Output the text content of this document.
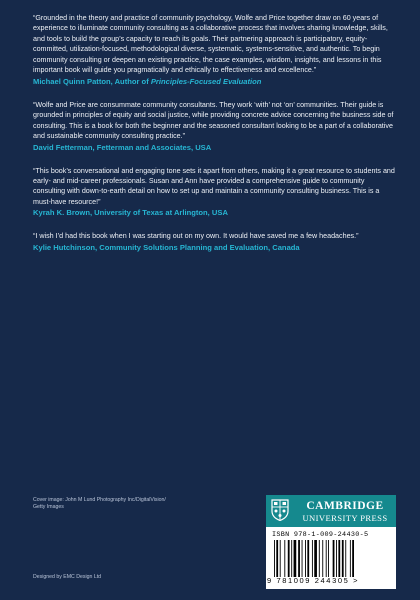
“Grounded in the theory and practice of community psychology, Wolfe and Price together draw on 60 years of experience to illuminate community consulting as a collaborative process that involves sharing knowledge, skills, and tools to build the group’s capacity to reach its goals. Their partnering approach is participatory, equity-committed, utilization-focused, methodological diverse, systematic, systems-sensitive, and authentic. To begin community consulting or deepen an existing practice, the case examples, wisdom, insights, and lessons in this important book will guide you pragmatically and ethically to effectiveness and excellence.”

Michael Quinn Patton, Author of Principles-Focused Evaluation

“Wolfe and Price are consummate community consultants. They work ‘with’ not ‘on’ communities. Their guide is grounded in principles of equity and social justice, while providing concrete advice concerning the business side of consulting. This is a book for both the beginner and the seasoned consultant looking to be a part of a collaborative and sustainable community consulting practice.”

David Fetterman, Fetterman and Associates, USA

“This book’s conversational and engaging tone sets it apart from others, making it a great resource to students and early- and mid-career professionals. Susan and Ann have provided a comprehensive guide to community consulting with down-to-earth detail on how to set up and maintain a community consulting business. This is a must-have resource!”

Kyrah K. Brown, University of Texas at Arlington, USA

“I wish I’d had this book when I was starting out on my own. It would have saved me a few headaches.”

Kylie Hutchinson, Community Solutions Planning and Evaluation, Canada

Cover image: John M Lund Photography Inc/DigitalVision/
Getty Images
Designed by EMC Design Ltd
CAMBRIDGE
UNIVERSITY PRESS
ISBN 978-1-009-24430-5
9 781009 244305 >
